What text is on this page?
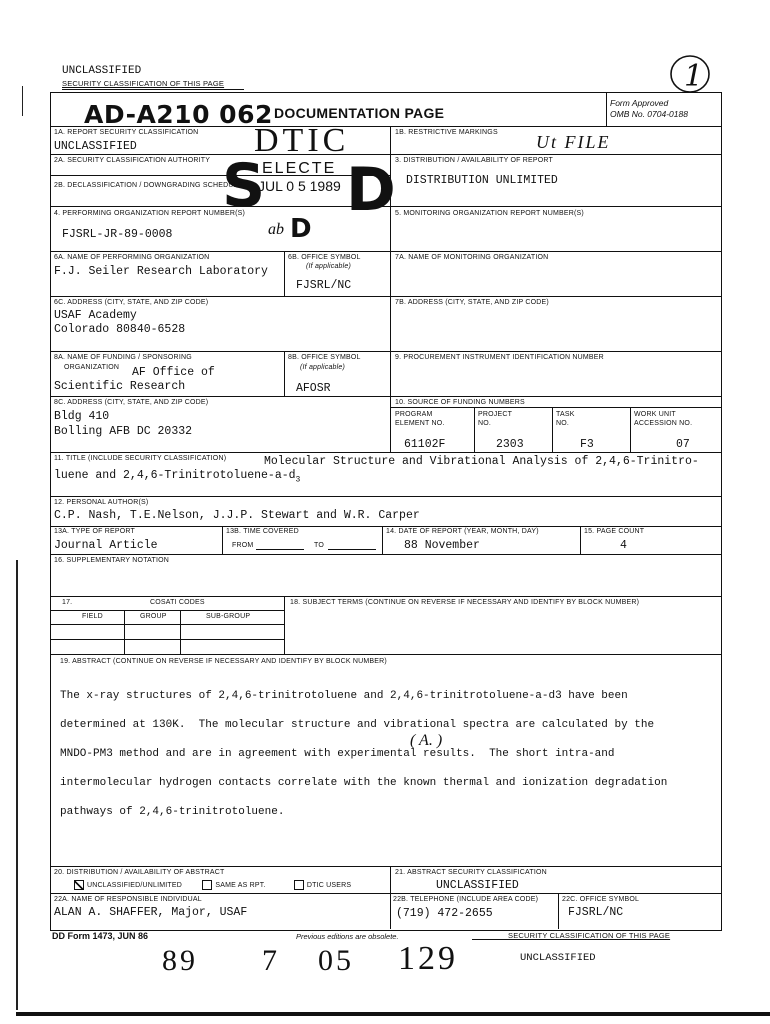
UNCLASSIFIED
SECURITY CLASSIFICATION OF THIS PAGE	1
AD-A210 062 DOCUMENTATION PAGE
Form Approved
OMB No. 0704-0188
DTIC
ELECTE
JUL 0 5 1989
S D
D
ab
Ut FILE
1A. REPORT SECURITY CLASSIFICATION
UNCLASSIFIED
1B. RESTRICTIVE MARKINGS
2A. SECURITY CLASSIFICATION AUTHORITY	3. DISTRIBUTION / AVAILABILITY OF REPORT
DISTRIBUTION UNLIMITED
2B. DECLASSIFICATION / DOWNGRADING SCHEDULE
4. PERFORMING ORGANIZATION REPORT NUMBER(S)
FJSRL-JR-89-0008
5. MONITORING ORGANIZATION REPORT NUMBER(S)
6A. NAME OF PERFORMING ORGANIZATION
F.J. Seiler Research Laboratory
6B. OFFICE SYMBOL
(If applicable)
FJSRL/NC
7A. NAME OF MONITORING ORGANIZATION
6C. ADDRESS (CITY, STATE, AND ZIP CODE)
USAF Academy
Colorado 80840-6528
7B. ADDRESS (CITY, STATE, AND ZIP CODE)
8A. NAME OF FUNDING / SPONSORING
ORGANIZATION AF Office of
Scientific Research
8B. OFFICE SYMBOL
(If applicable)
AFOSR
9. PROCUREMENT INSTRUMENT IDENTIFICATION NUMBER
8C. ADDRESS (CITY, STATE, AND ZIP CODE)
Bldg 410
Bolling AFB DC 20332
10. SOURCE OF FUNDING NUMBERS
PROGRAM
ELEMENT NO.
61102F
PROJECT
NO.
2303
TASK
NO.
F3
WORK UNIT
ACCESSION NO.
07
11. TITLE (INCLUDE SECURITY CLASSIFICATION)	Molecular Structure and Vibrational Analysis of 2,4,6-Trinitro-
luene and $2,4,6-Trinitrotoluene-a-d_3$
12. PERSONAL AUTHOR(S)
C.P. Nash, T.E.Nelson, J.J.P. Stewart and W.R. Carper
13A. TYPE OF REPORT
Journal Article
13B. TIME COVERED
FROM	TO
14. DATE OF REPORT (YEAR, MONTH, DAY)
88 November
15. PAGE COUNT
4
16. SUPPLEMENTARY NOTATION
17.	COSATI CODES
FIELD	GROUP	SUB-GROUP
18. SUBJECT TERMS (CONTINUE ON REVERSE IF NECESSARY AND IDENTIFY BY BLOCK NUMBER)
19. ABSTRACT (CONTINUE ON REVERSE IF NECESSARY AND IDENTIFY BY BLOCK NUMBER)

The x-ray structures of 2,4,6-trinitrotoluene and 2,4,6-trinitrotoluene-a-d3 have been

determined at 130K.  The molecular structure and vibrational spectra are calculated by the

MNDO-PM3 method and are in agreement with experimental results.  The short intra-and

intermolecular hydrogen contacts correlate with the known thermal and ionization degradation

pathways of 2,4,6-trinitrotoluene.

( A. )
20. DISTRIBUTION / AVAILABILITY OF ABSTRACT
UNCLASSIFIED/UNLIMITED	SAME AS RPT.	DTIC USERS
21. ABSTRACT SECURITY CLASSIFICATION
UNCLASSIFIED
22A. NAME OF RESPONSIBLE INDIVIDUAL
ALAN A. SHAFFER, Major, USAF
22B. TELEPHONE (INCLUDE AREA CODE)
(719) 472-2655
22C. OFFICE SYMBOL
FJSRL/NC
DD Form 1473, JUN 86	Previous editions are obsolete.	SECURITY CLASSIFICATION OF THIS PAGE
89 7 05 129	UNCLASSIFIED
